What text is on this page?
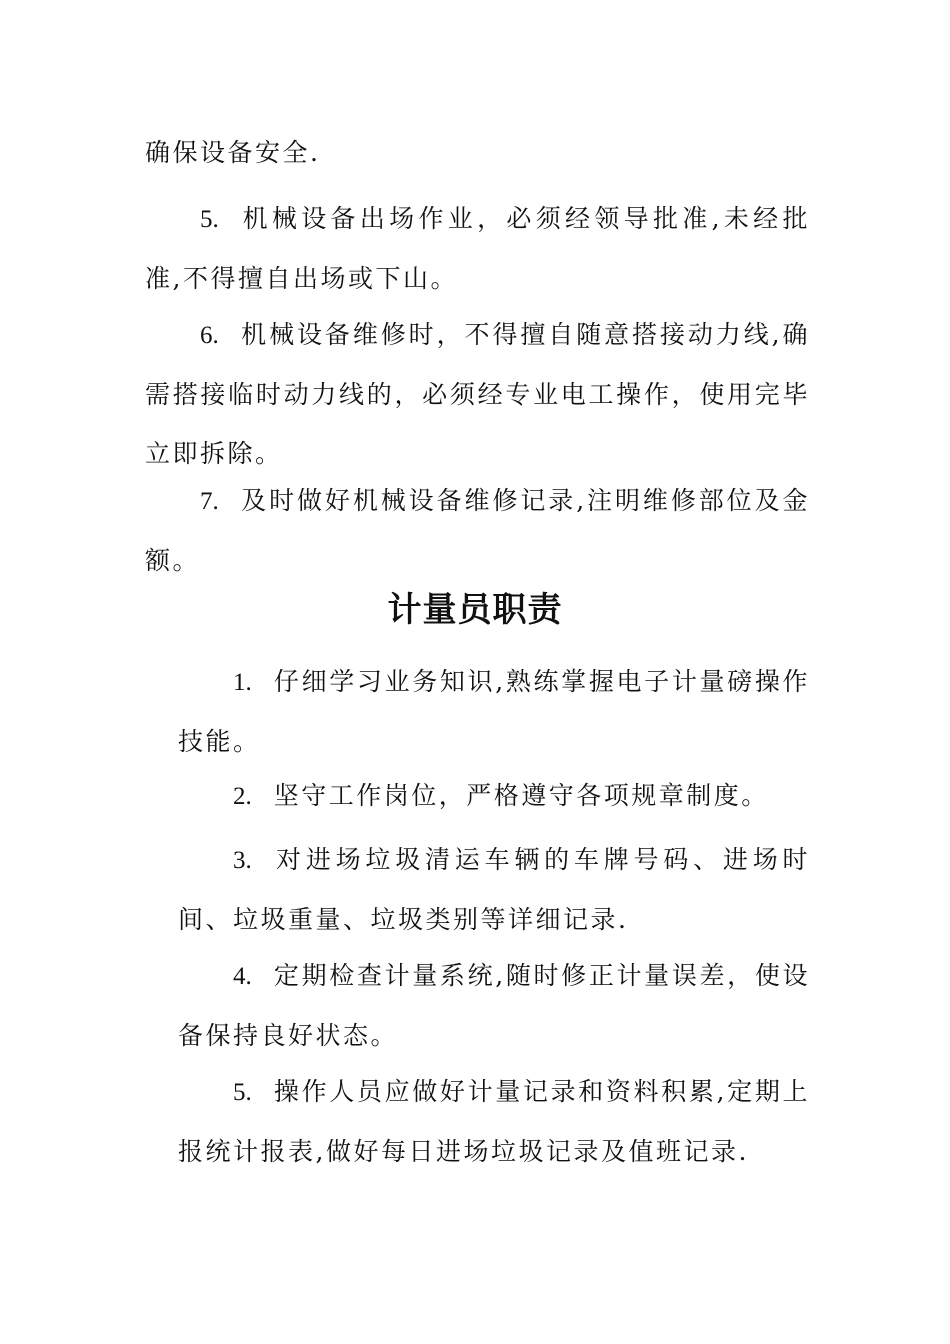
确保设备安全.

5. 机械设备出场作业，必须经领导批准,未经批准,不得擅自出场或下山。

6. 机械设备维修时，不得擅自随意搭接动力线,确需搭接临时动力线的，必须经专业电工操作，使用完毕立即拆除。

7. 及时做好机械设备维修记录,注明维修部位及金额。

计量员职责

1. 仔细学习业务知识,熟练掌握电子计量磅操作技能。

2. 坚守工作岗位，严格遵守各项规章制度。

3. 对进场垃圾清运车辆的车牌号码、进场时间、垃圾重量、垃圾类别等详细记录.

4. 定期检查计量系统,随时修正计量误差，使设备保持良好状态。

5. 操作人员应做好计量记录和资料积累,定期上报统计报表,做好每日进场垃圾记录及值班记录.
